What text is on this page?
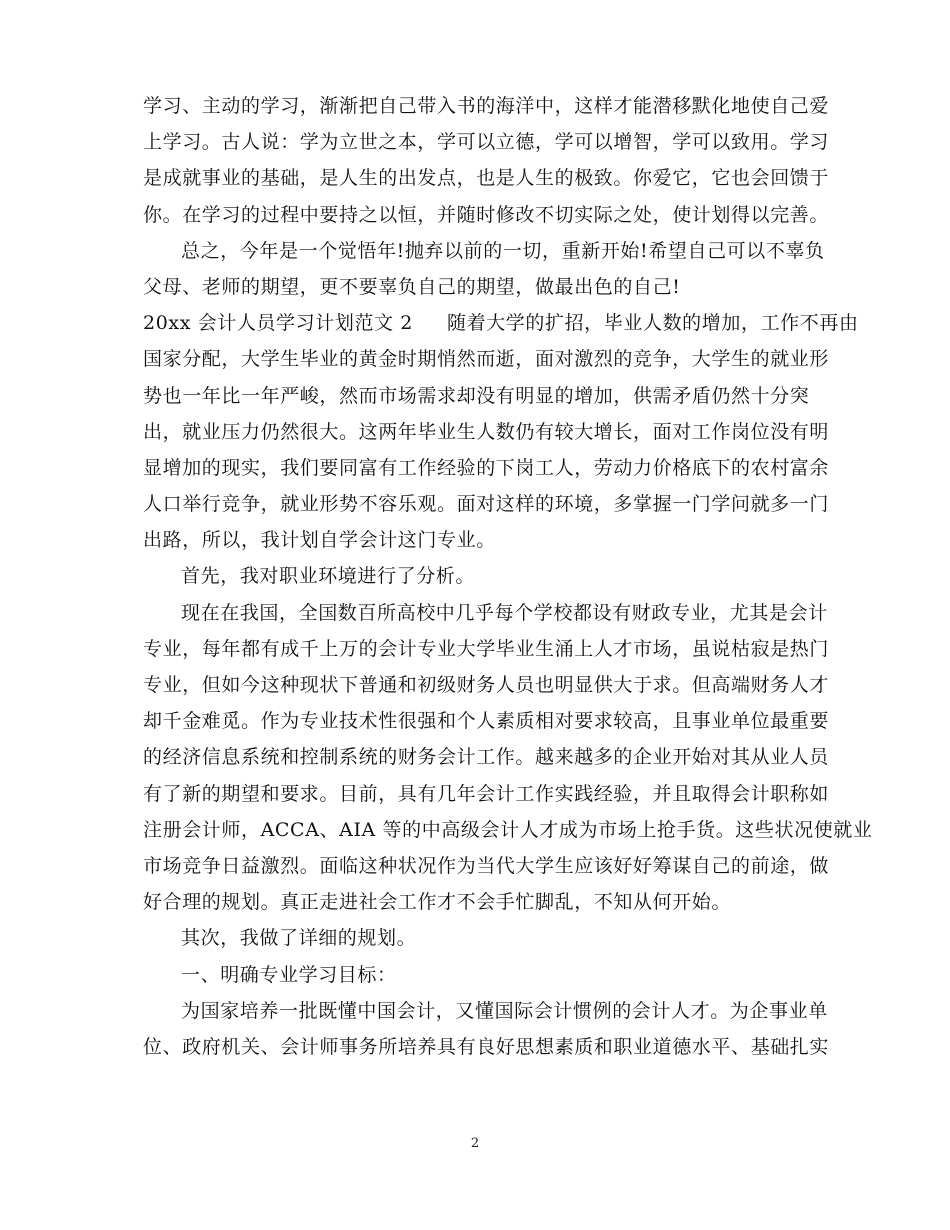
学习、主动的学习，渐渐把自己带入书的海洋中，这样才能潜移默化地使自己爱
上学习。古人说：学为立世之本，学可以立德，学可以增智，学可以致用。学习
是成就事业的基础，是人生的出发点，也是人生的极致。你爱它，它也会回馈于
你。在学习的过程中要持之以恒，并随时修改不切实际之处，使计划得以完善。
总之，今年是一个觉悟年!抛弃以前的一切，重新开始!希望自己可以不辜负
父母、老师的期望，更不要辜负自己的期望，做最出色的自己!
20xx 会计人员学习计划范文 2 随着大学的扩招，毕业人数的增加，工作不再由
国家分配，大学生毕业的黄金时期悄然而逝，面对激烈的竞争，大学生的就业形
势也一年比一年严峻，然而市场需求却没有明显的增加，供需矛盾仍然十分突
出，就业压力仍然很大。这两年毕业生人数仍有较大增长，面对工作岗位没有明
显增加的现实，我们要同富有工作经验的下岗工人，劳动力价格底下的农村富余
人口举行竞争，就业形势不容乐观。面对这样的环境，多掌握一门学问就多一门
出路，所以，我计划自学会计这门专业。
首先，我对职业环境进行了分析。
现在在我国，全国数百所高校中几乎每个学校都设有财政专业，尤其是会计
专业，每年都有成千上万的会计专业大学毕业生涌上人才市场，虽说枯寂是热门
专业，但如今这种现状下普通和初级财务人员也明显供大于求。但高端财务人才
却千金难觅。作为专业技术性很强和个人素质相对要求较高，且事业单位最重要
的经济信息系统和控制系统的财务会计工作。越来越多的企业开始对其从业人员
有了新的期望和要求。目前，具有几年会计工作实践经验，并且取得会计职称如
注册会计师，ACCA、AIA 等的中高级会计人才成为市场上抢手货。这些状况使就业
市场竞争日益激烈。面临这种状况作为当代大学生应该好好筹谋自己的前途，做
好合理的规划。真正走进社会工作才不会手忙脚乱，不知从何开始。
其次，我做了详细的规划。
一、明确专业学习目标：
为国家培养一批既懂中国会计，又懂国际会计惯例的会计人才。为企事业单
位、政府机关、会计师事务所培养具有良好思想素质和职业道德水平、基础扎实
2
